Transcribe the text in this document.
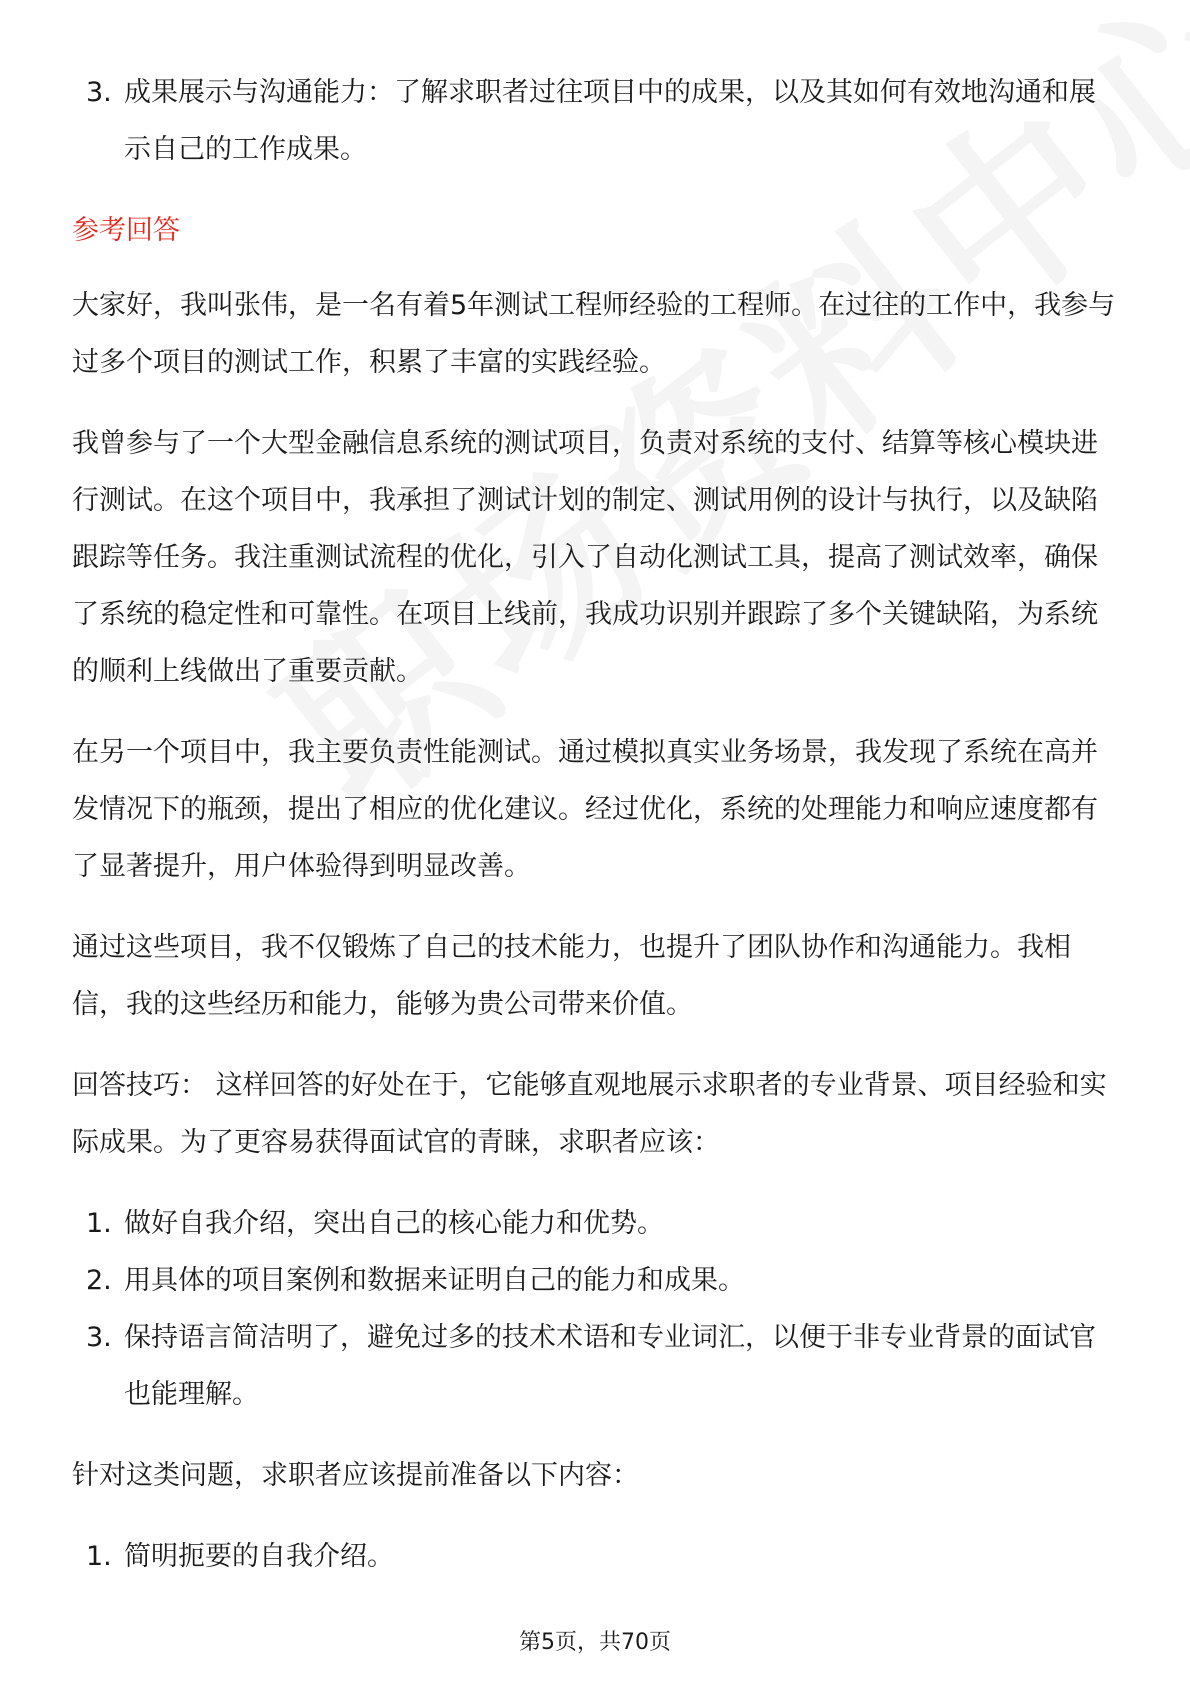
3. 成果展示与沟通能力：了解求职者过往项目中的成果，以及其如何有效地沟通和展示自己的工作成果。

参考回答

大家好，我叫张伟，是一名有着5年测试工程师经验的工程师。在过往的工作中，我参与过多个项目的测试工作，积累了丰富的实践经验。

我曾参与了一个大型金融信息系统的测试项目，负责对系统的支付、结算等核心模块进行测试。在这个项目中，我承担了测试计划的制定、测试用例的设计与执行，以及缺陷跟踪等任务。我注重测试流程的优化，引入了自动化测试工具，提高了测试效率，确保了系统的稳定性和可靠性。在项目上线前，我成功识别并跟踪了多个关键缺陷，为系统的顺利上线做出了重要贡献。

在另一个项目中，我主要负责性能测试。通过模拟真实业务场景，我发现了系统在高并发情况下的瓶颈，提出了相应的优化建议。经过优化，系统的处理能力和响应速度都有了显著提升，用户体验得到明显改善。

通过这些项目，我不仅锻炼了自己的技术能力，也提升了团队协作和沟通能力。我相信，我的这些经历和能力，能够为贵公司带来价值。

回答技巧： 这样回答的好处在于，它能够直观地展示求职者的专业背景、项目经验和实际成果。为了更容易获得面试官的青睐，求职者应该：

1. 做好自我介绍，突出自己的核心能力和优势。

2. 用具体的项目案例和数据来证明自己的能力和成果。

3. 保持语言简洁明了，避免过多的技术术语和专业词汇，以便于非专业背景的面试官也能理解。

针对这类问题，求职者应该提前准备以下内容：

1. 简明扼要的自我介绍。

第5页，共70页
